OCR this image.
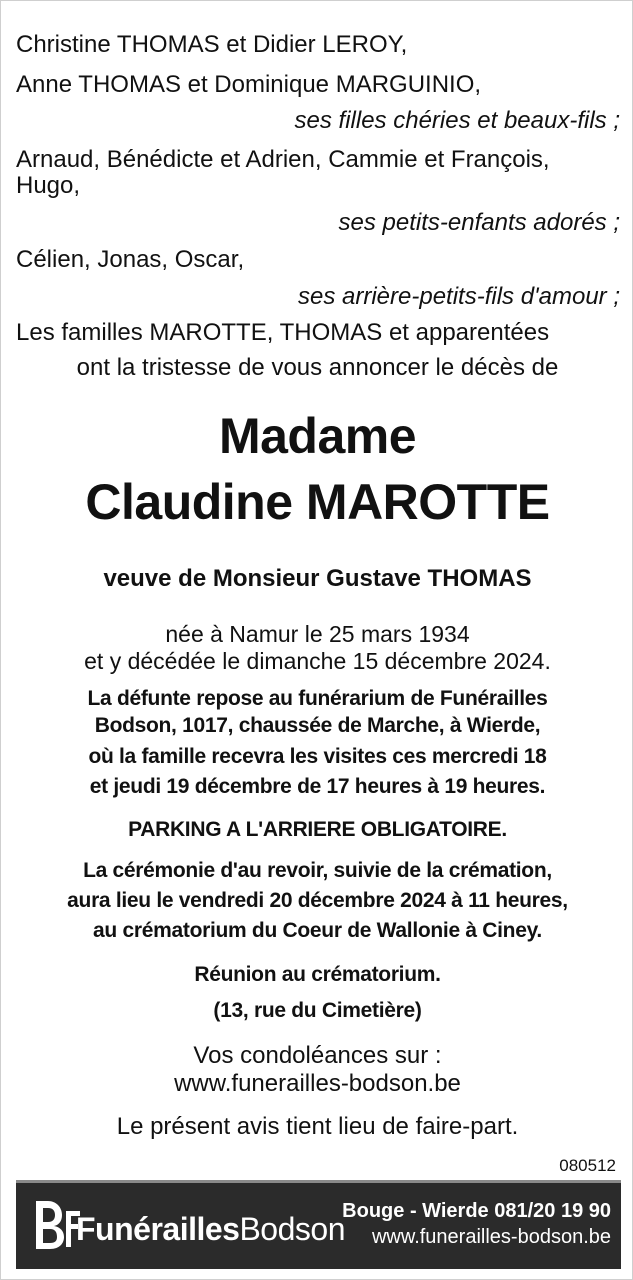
Christine THOMAS et Didier LEROY,

Anne THOMAS et Dominique MARGUINIO,

ses filles chéries et beaux-fils ;

Arnaud, Bénédicte et Adrien, Cammie et François,

Hugo,

ses petits-enfants adorés ;

Célien, Jonas, Oscar,

ses arrière-petits-fils d'amour ;

Les familles MAROTTE, THOMAS et apparentées

ont la tristesse de vous annoncer le décès de

Madame

Claudine MAROTTE

veuve de Monsieur Gustave THOMAS

née à Namur le 25 mars 1934

et y décédée le dimanche 15 décembre 2024.

La défunte repose au funérarium de Funérailles

Bodson, 1017, chaussée de Marche, à Wierde,

où la famille recevra les visites ces mercredi 18

et jeudi 19 décembre de 17 heures à 19 heures.

PARKING A L'ARRIERE OBLIGATOIRE.

La cérémonie d'au revoir, suivie de la crémation,

aura lieu le vendredi 20 décembre 2024 à 11 heures,

au crématorium du Coeur de Wallonie à Ciney.

Réunion au crématorium.

(13, rue du Cimetière)

Vos condoléances sur :

www.funerailles-bodson.be

Le présent avis tient lieu de faire-part.

080512

FunéraillesBodson
Bouge - Wierde 081/20 19 90
www.funerailles-bodson.be
